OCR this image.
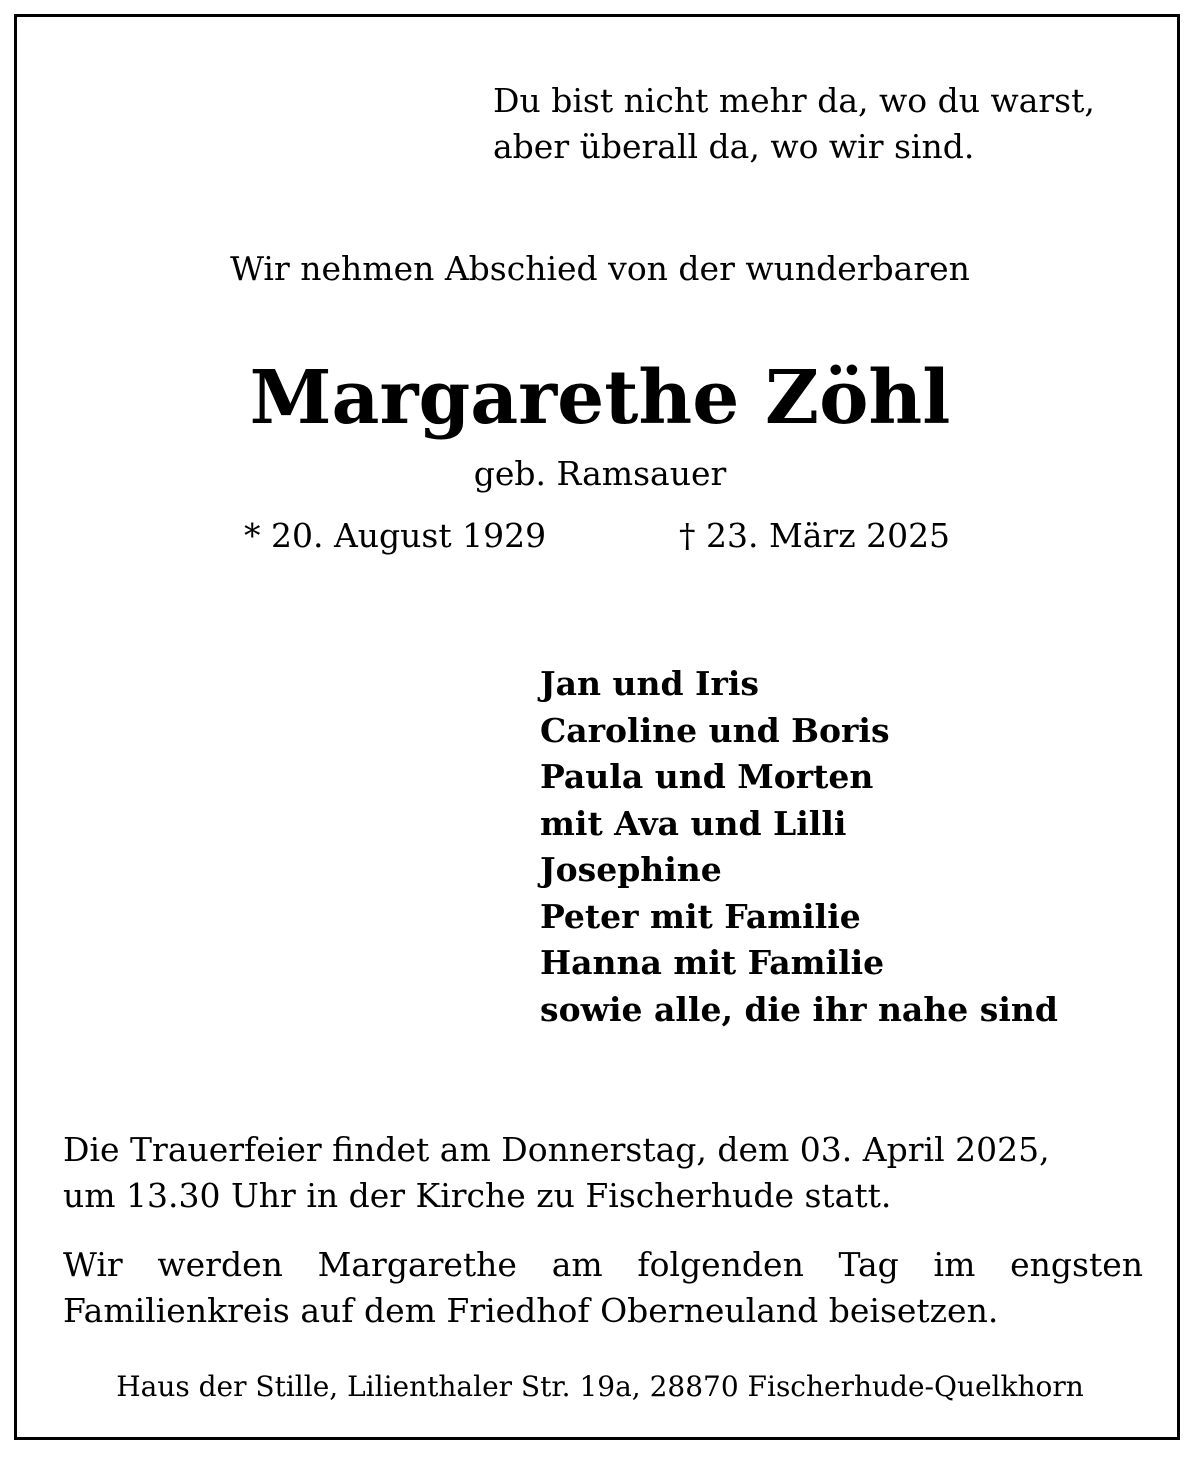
Du bist nicht mehr da, wo du warst,
aber überall da, wo wir sind.
Wir nehmen Abschied von der wunderbaren
Margarethe Zöhl
geb. Ramsauer
* 20. August 1929	† 23. März 2025
Jan und Iris
Caroline und Boris
Paula und Morten
mit Ava und Lilli
Josephine
Peter mit Familie
Hanna mit Familie
sowie alle, die ihr nahe sind
Die Trauerfeier findet am Donnerstag, dem 03. April 2025,
um 13.30 Uhr in der Kirche zu Fischerhude statt.
Wir werden Margarethe am folgenden Tag im engsten Familienkreis auf dem Friedhof Oberneuland beisetzen.
Haus der Stille, Lilienthaler Str. 19a, 28870 Fischerhude-Quelkhorn
